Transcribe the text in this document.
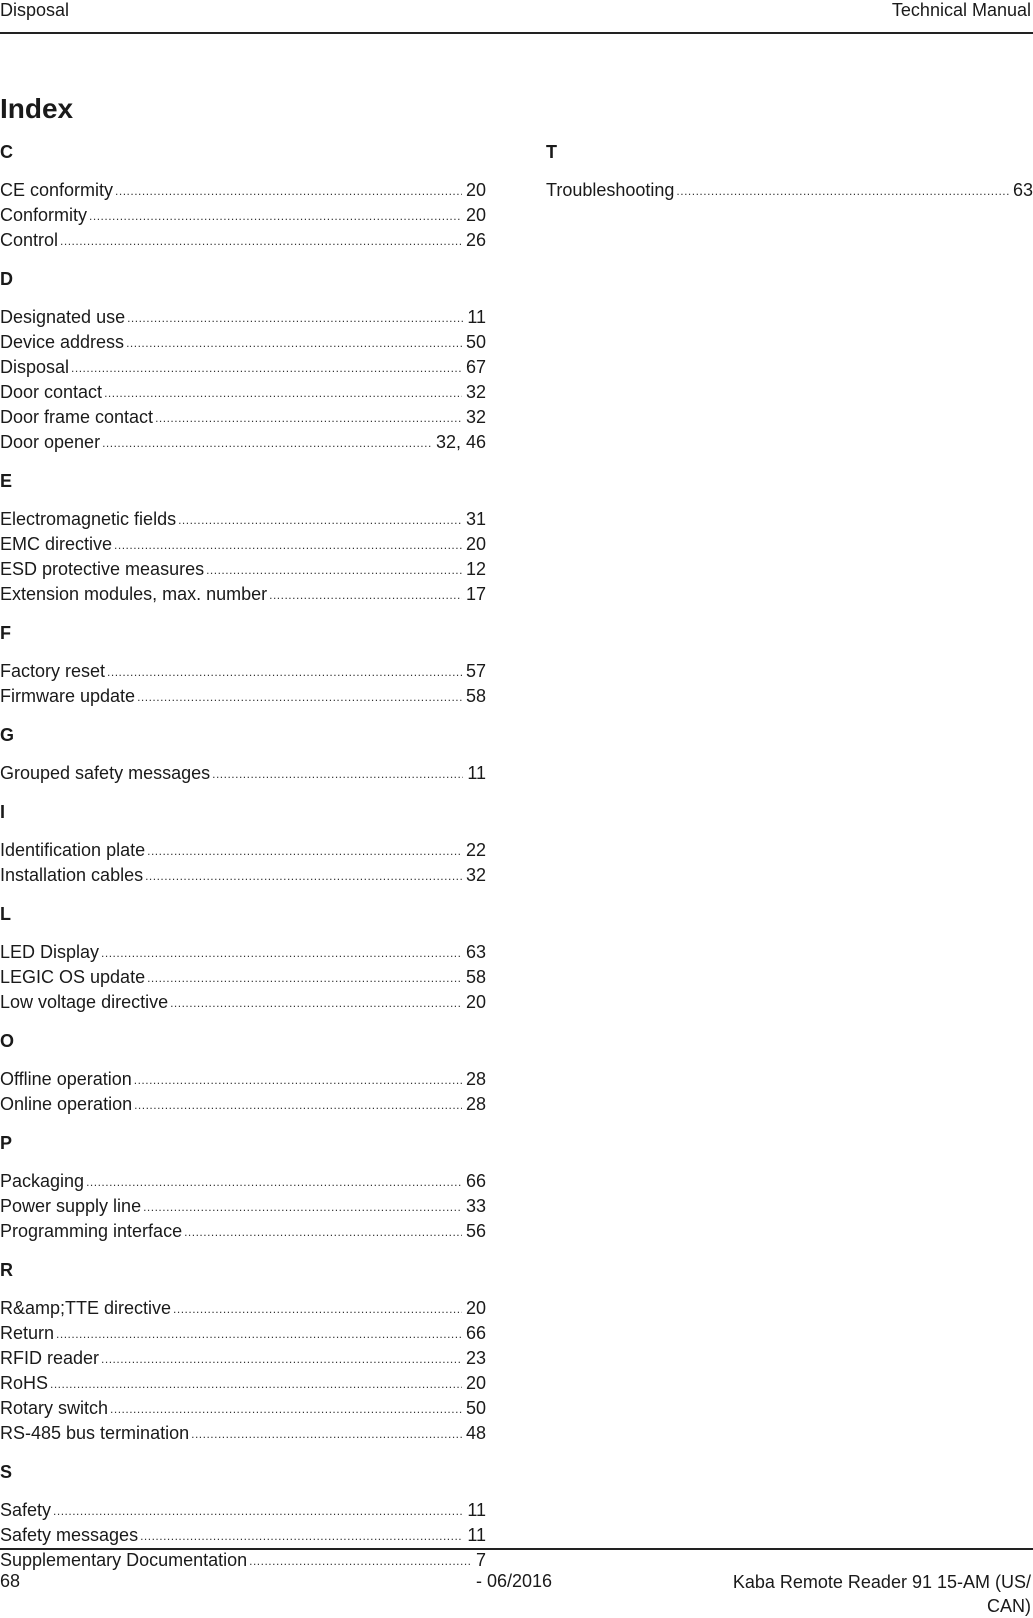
Disposal	Technical Manual
Index
C
CE conformity .....	20
Conformity .....	20
Control .....	26
D
Designated use .....	11
Device address .....	50
Disposal .....	67
Door contact .....	32
Door frame contact .....	32
Door opener .....	32, 46
E
Electromagnetic fields .....	31
EMC directive .....	20
ESD protective measures .....	12
Extension modules, max. number .....	17
F
Factory reset .....	57
Firmware update .....	58
G
Grouped safety messages .....	11
I
Identification plate .....	22
Installation cables .....	32
L
LED Display .....	63
LEGIC OS update .....	58
Low voltage directive .....	20
O
Offline operation .....	28
Online operation .....	28
P
Packaging .....	66
Power supply line .....	33
Programming interface .....	56
R
R&amp;TTE directive .....	20
Return .....	66
RFID reader .....	23
RoHS .....	20
Rotary switch .....	50
RS-485 bus termination .....	48
S
Safety .....	11
Safety messages .....	11
Supplementary Documentation .....	7
T
Troubleshooting .....	63
68	- 06/2016	Kaba Remote Reader 91 15-AM (US/
CAN)
